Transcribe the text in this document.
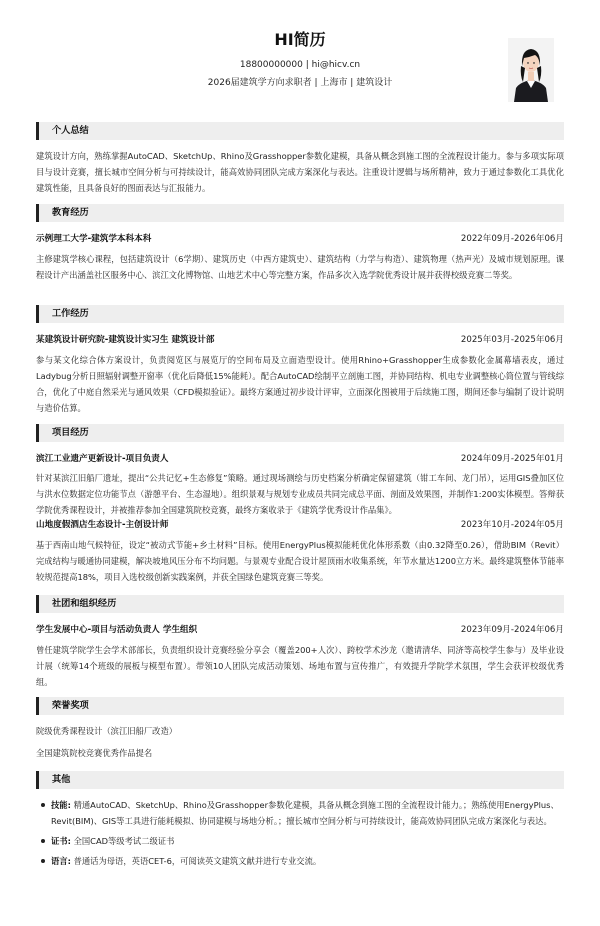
HI简历
18800000000 | hi@hicv.cn
2026届建筑学方向求职者 | 上海市 | 建筑设计
个人总结
建筑设计方向，熟练掌握AutoCAD、SketchUp、Rhino及Grasshopper参数化建模，具备从概念到施工图的全流程设计能力。参与多项实际项目与设计竞赛，擅长城市空间分析与可持续设计，能高效协同团队完成方案深化与表达。注重设计逻辑与场所精神，致力于通过参数化工具优化建筑性能，且具备良好的图面表达与汇报能力。
教育经历
示例理工大学-建筑学本科本科	2022年09月-2026年06月
主修建筑学核心课程，包括建筑设计（6学期）、建筑历史（中西方建筑史）、建筑结构（力学与构造）、建筑物理（热声光）及城市规划原理。课程设计产出涵盖社区服务中心、滨江文化博物馆、山地艺术中心等完整方案，作品多次入选学院优秀设计展并获得校级竞赛二等奖。
工作经历
某建筑设计研究院-建筑设计实习生 建筑设计部	2025年03月-2025年06月
参与某文化综合体方案设计，负责阅览区与展览厅的空间布局及立面造型设计。使用Rhino+Grasshopper生成参数化金属幕墙表皮，通过Ladybug分析日照辐射调整开窗率（优化后降低15%能耗）。配合AutoCAD绘制平立剖施工图，并协同结构、机电专业调整核心筒位置与管线综合，优化了中庭自然采光与通风效果（CFD模拟验证）。最终方案通过初步设计评审，立面深化图被用于后续施工图，期间还参与编制了设计说明与造价估算。
项目经历
滨江工业遗产更新设计-项目负责人	2024年09月-2025年01月
针对某滨江旧船厂遗址，提出“公共记忆+生态修复”策略。通过现场测绘与历史档案分析确定保留建筑（钳工车间、龙门吊），运用GIS叠加区位与洪水位数据定位功能节点（游憩平台、生态湿地）。组织景观与规划专业成员共同完成总平面、剖面及效果图，并制作1:200实体模型。答辩获学院优秀课程设计，并被推荐参加全国建筑院校竞赛，最终方案收录于《建筑学优秀设计作品集》。
山地度假酒店生态设计-主创设计师	2023年10月-2024年05月
基于西南山地气候特征，设定“被动式节能+乡土材料”目标。使用EnergyPlus模拟能耗优化体形系数（由0.32降至0.26），借助BIM（Revit）完成结构与暖通协同建模，解决坡地风压分布不均问题。与景观专业配合设计屋顶雨水收集系统，年节水量达1200立方米。最终建筑整体节能率较规范提高18%，项目入选校级创新实践案例，并获全国绿色建筑竞赛三等奖。
社团和组织经历
学生发展中心-项目与活动负责人 学生组织	2023年09月-2024年06月
曾任建筑学院学生会学术部部长，负责组织设计竞赛经验分享会（覆盖200+人次）、跨校学术沙龙（邀请清华、同济等高校学生参与）及毕业设计展（统筹14个班级的展板与模型布置）。带领10人团队完成活动策划、场地布置与宣传推广，有效提升学院学术氛围，学生会获评校级优秀组。
荣誉奖项
院级优秀课程设计（滨江旧船厂改造）
全国建筑院校竞赛优秀作品提名
其他
技能: 精通AutoCAD、SketchUp、Rhino及Grasshopper参数化建模，具备从概念到施工图的全流程设计能力。；熟练使用EnergyPlus、Revit(BIM)、GIS等工具进行能耗模拟、协同建模与场地分析。；擅长城市空间分析与可持续设计，能高效协同团队完成方案深化与表达。
证书: 全国CAD等级考试二级证书
语言: 普通话为母语，英语CET-6，可阅读英文建筑文献并进行专业交流。
